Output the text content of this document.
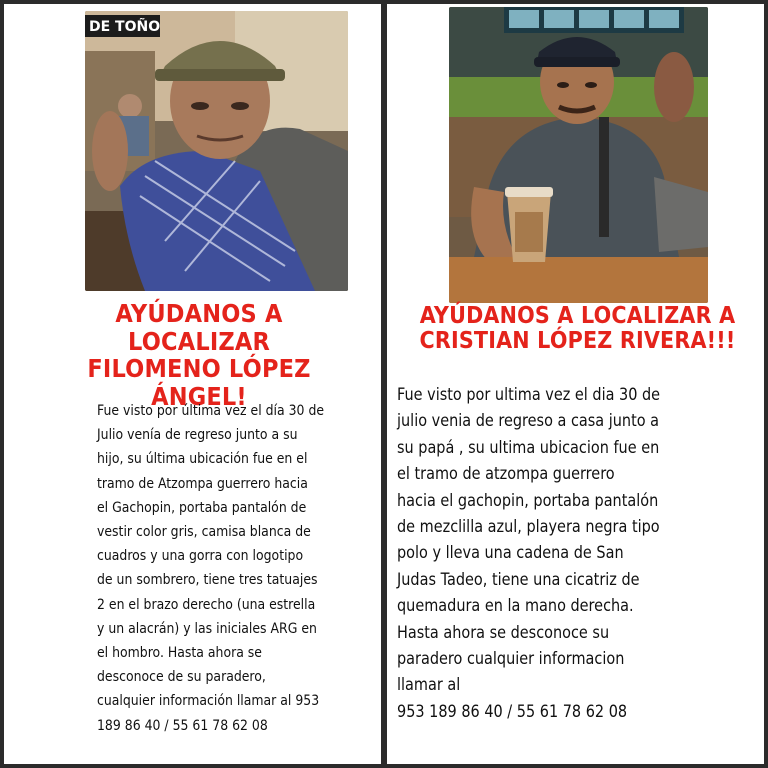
DE TOÑO
AYÚDANOS A LOCALIZAR
FILOMENO LÓPEZ ÁNGEL!
Fue visto por última vez el día 30 de
Julio venía de regreso junto a su
hijo, su última ubicación fue en el
tramo de Atzompa guerrero hacia
el Gachopin, portaba pantalón de
vestir color gris, camisa blanca de
cuadros y una gorra con logotipo
de un sombrero, tiene tres tatuajes
2 en el brazo derecho (una estrella
y un alacrán) y las iniciales ARG en
el hombro. Hasta ahora se
desconoce de su paradero,
cualquier información llamar al 953
189 86 40 / 55 61 78 62 08
AYÚDANOS A LOCALIZAR A
CRISTIAN LÓPEZ RIVERA!!!
Fue visto por ultima vez el dia 30 de
julio venia de regreso a casa junto a
su papá , su ultima ubicacion fue en
el tramo de atzompa guerrero
hacia el gachopin, portaba pantalón
de mezclilla azul, playera negra tipo
polo y lleva una cadena de San
Judas Tadeo, tiene una cicatriz de
quemadura en la mano derecha.
Hasta ahora se desconoce su
paradero cualquier informacion
llamar al
953 189 86 40 / 55 61 78 62 08
